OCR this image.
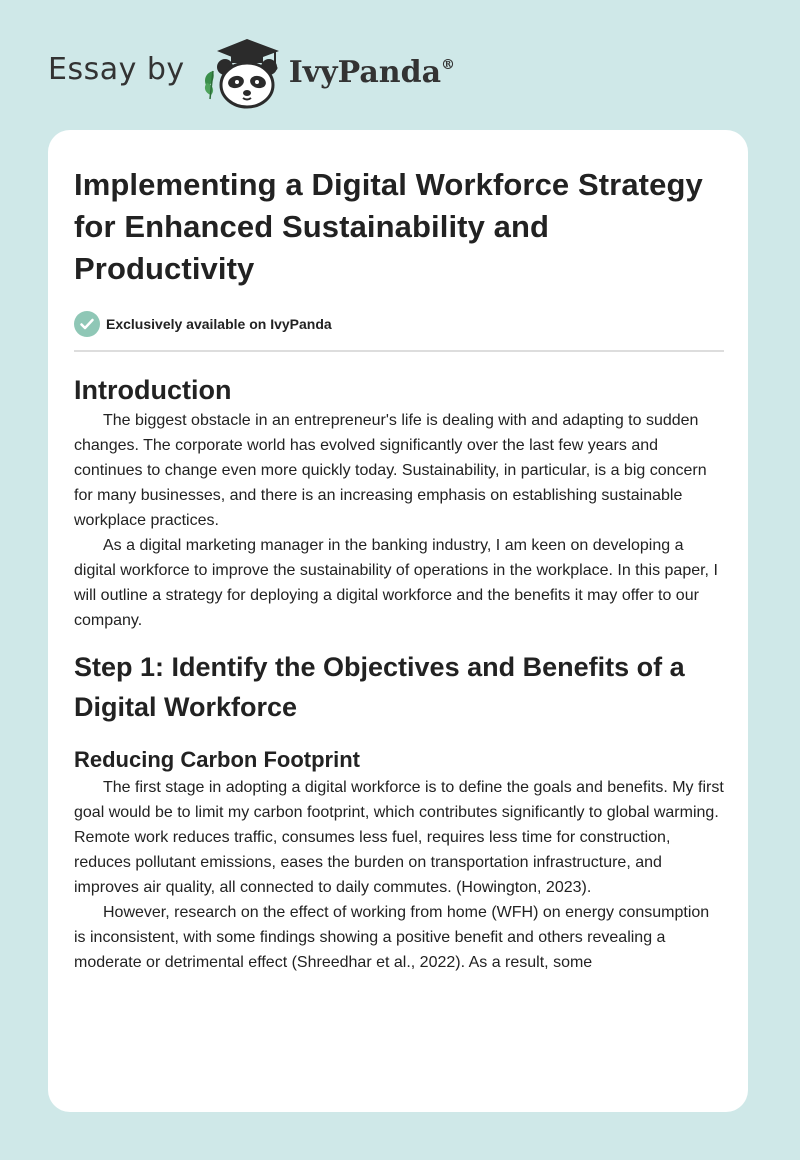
Essay by	IvyPanda®
Implementing a Digital Workforce Strategy for Enhanced Sustainability and Productivity
Exclusively available on IvyPanda
Introduction

The biggest obstacle in an entrepreneur's life is dealing with and adapting to sudden changes. The corporate world has evolved significantly over the last few years and continues to change even more quickly today. Sustainability, in particular, is a big concern for many businesses, and there is an increasing emphasis on establishing sustainable workplace practices.

As a digital marketing manager in the banking industry, I am keen on developing a digital workforce to improve the sustainability of operations in the workplace. In this paper, I will outline a strategy for deploying a digital workforce and the benefits it may offer to our company.

Step 1: Identify the Objectives and Benefits of a Digital Workforce
Reducing Carbon Footprint

The first stage in adopting a digital workforce is to define the goals and benefits. My first goal would be to limit my carbon footprint, which contributes significantly to global warming. Remote work reduces traffic, consumes less fuel, requires less time for construction, reduces pollutant emissions, eases the burden on transportation infrastructure, and improves air quality, all connected to daily commutes. (Howington, 2023).

However, research on the effect of working from home (WFH) on energy consumption is inconsistent, with some findings showing a positive benefit and others revealing a moderate or detrimental effect (Shreedhar et al., 2022). As a result, some
